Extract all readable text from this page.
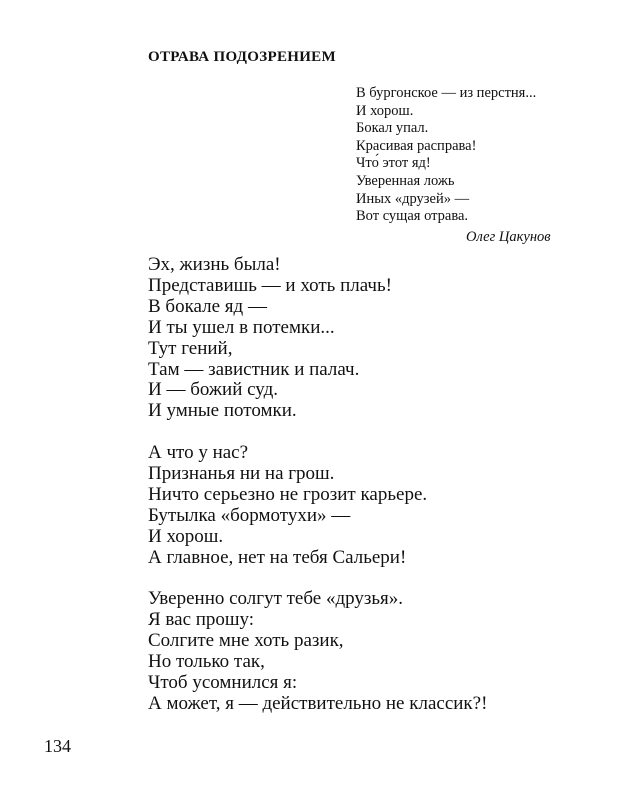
ОТРАВА ПОДОЗРЕНИЕМ
В бургонское — из перстня...
И хорош.
Бокал упал.
Красивая расправа!
Что́ этот яд!
Уверенная ложь
Иных «друзей» —
Вот сущая отрава.
Олег Цакунов
Эх, жизнь была!
Представишь — и хоть плачь!
В бокале яд —
И ты ушел в потемки...
Тут гений,
Там — завистник и палач.
И — божий суд.
И умные потомки.
А что у нас?
Признанья ни на грош.
Ничто серьезно не грозит карьере.
Бутылка «бормотухи» —
И хорош.
А главное, нет на тебя Сальери!
Уверенно солгут тебе «друзья».
Я вас прошу:
Солгите мне хоть разик,
Но только так,
Чтоб усомнился я:
А может, я — действительно не классик?!
134
